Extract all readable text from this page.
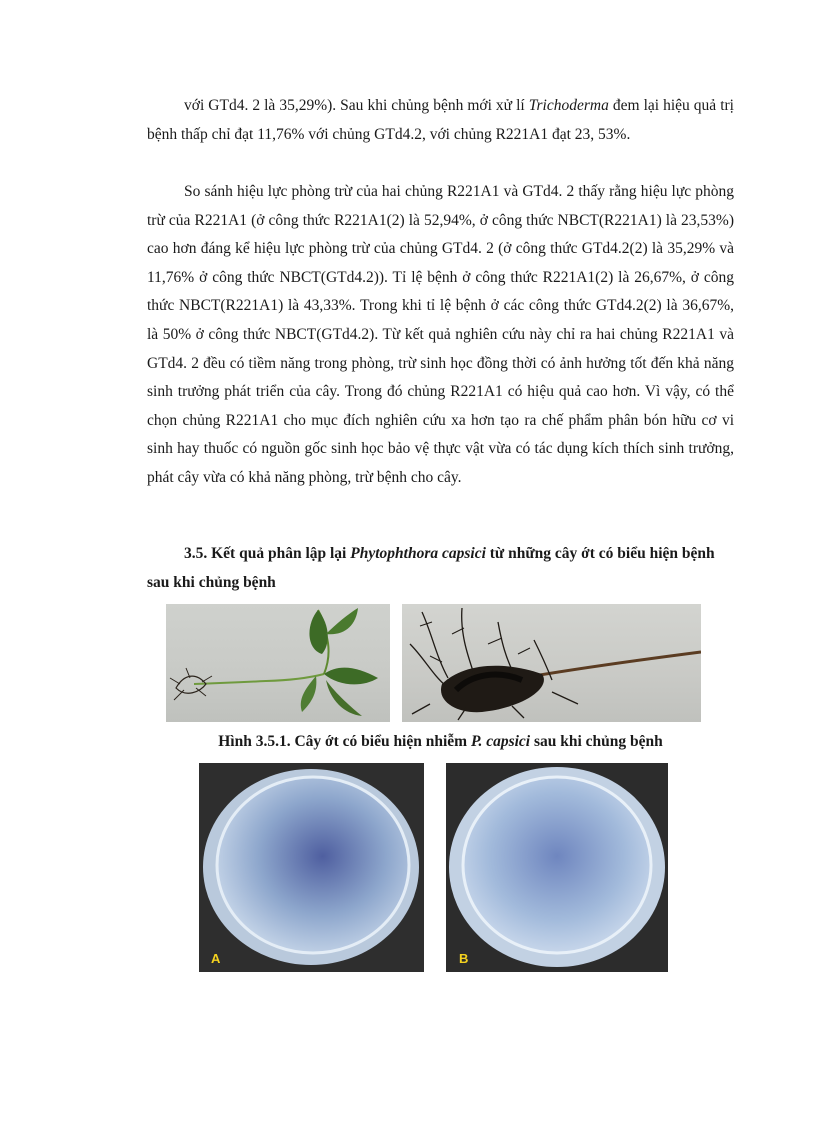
với GTd4. 2 là 35,29%). Sau khi chủng bệnh mới xử lí Trichoderma đem lại hiệu quả trị bệnh thấp chỉ đạt 11,76% với chủng GTd4.2, với chủng R221A1 đạt 23, 53%.

So sánh hiệu lực phòng trừ của hai chủng R221A1 và GTd4. 2 thấy rằng hiệu lực phòng trừ của R221A1 (ở công thức R221A1(2) là 52,94%, ở công thức NBCT(R221A1) là 23,53%) cao hơn đáng kể hiệu lực phòng trừ của chủng GTd4. 2 (ở công thức GTd4.2(2) là 35,29% và 11,76% ở công thức NBCT(GTd4.2)). Tỉ lệ bệnh ở công thức R221A1(2) là 26,67%, ở công thức NBCT(R221A1) là 43,33%. Trong khi tỉ lệ bệnh ở các công thức GTd4.2(2) là 36,67%, là 50% ở công thức NBCT(GTd4.2). Từ kết quả nghiên cứu này chỉ ra hai chủng R221A1 và GTd4. 2 đều có tiềm năng trong phòng, trừ sinh học đồng thời có ảnh hưởng tốt đến khả năng sinh trưởng phát triển của cây. Trong đó chủng R221A1 có hiệu quả cao hơn. Vì vậy, có thể chọn chủng R221A1 cho mục đích nghiên cứu xa hơn tạo ra chế phẩm phân bón hữu cơ vi sinh hay thuốc có nguồn gốc sinh học bảo vệ thực vật vừa có tác dụng kích thích sinh trưởng, phát cây vừa có khả năng phòng, trừ bệnh cho cây.

3.5. Kết quả phân lập lại Phytophthora capsici từ những cây ớt có biểu hiện bệnh sau khi chủng bệnh
Hình 3.5.1. Cây ớt có biểu hiện nhiễm P. capsici sau khi chủng bệnh
A	B
